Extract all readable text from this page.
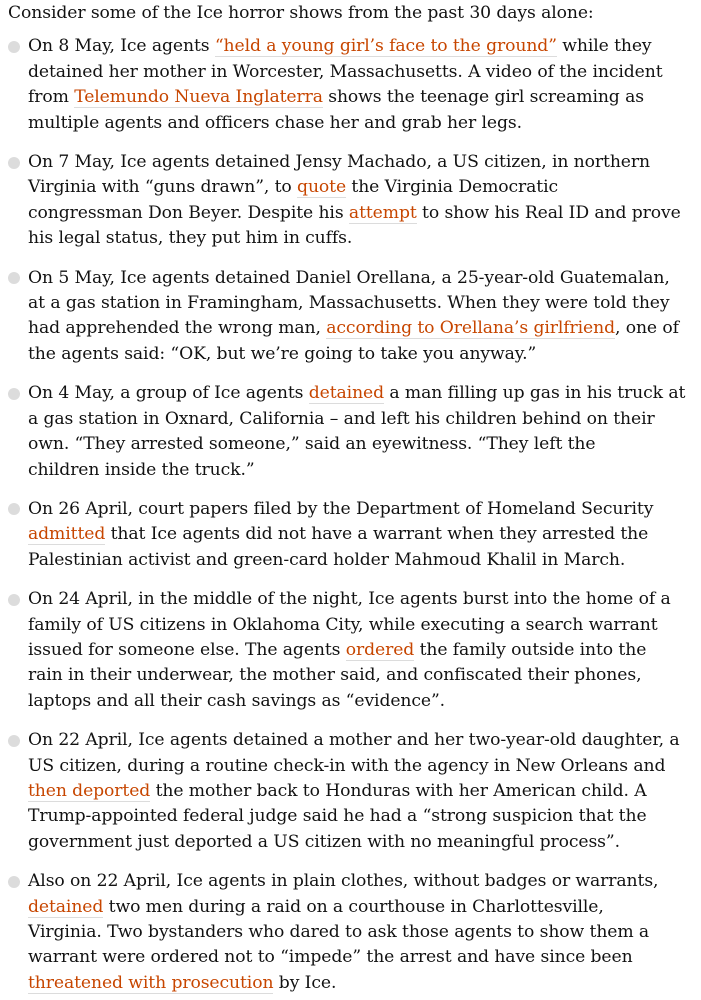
Consider some of the Ice horror shows from the past 30 days alone:

On 8 May, Ice agents “held a young girl’s face to the ground” while they
detained her mother in Worcester, Massachusetts. A video of the incident
from Telemundo Nueva Inglaterra shows the teenage girl screaming as
multiple agents and officers chase her and grab her legs.
On 7 May, Ice agents detained Jensy Machado, a US citizen, in northern
Virginia with “guns drawn”, to quote the Virginia Democratic
congressman Don Beyer. Despite his attempt to show his Real ID and prove
his legal status, they put him in cuffs.
On 5 May, Ice agents detained Daniel Orellana, a 25-year-old Guatemalan,
at a gas station in Framingham, Massachusetts. When they were told they
had apprehended the wrong man, according to Orellana’s girlfriend, one of
the agents said: “OK, but we’re going to take you anyway.”
On 4 May, a group of Ice agents detained a man filling up gas in his truck at
a gas station in Oxnard, California – and left his children behind on their
own. “They arrested someone,” said an eyewitness. “They left the
children inside the truck.”
On 26 April, court papers filed by the Department of Homeland Security
admitted that Ice agents did not have a warrant when they arrested the
Palestinian activist and green-card holder Mahmoud Khalil in March.
On 24 April, in the middle of the night, Ice agents burst into the home of a
family of US citizens in Oklahoma City, while executing a search warrant
issued for someone else. The agents ordered the family outside into the
rain in their underwear, the mother said, and confiscated their phones,
laptops and all their cash savings as “evidence”.
On 22 April, Ice agents detained a mother and her two-year-old daughter, a
US citizen, during a routine check-in with the agency in New Orleans and
then deported the mother back to Honduras with her American child. A
Trump-appointed federal judge said he had a “strong suspicion that the
government just deported a US citizen with no meaningful process”.
Also on 22 April, Ice agents in plain clothes, without badges or warrants,
detained two men during a raid on a courthouse in Charlottesville,
Virginia. Two bystanders who dared to ask those agents to show them a
warrant were ordered not to “impede” the arrest and have since been
threatened with prosecution by Ice.
